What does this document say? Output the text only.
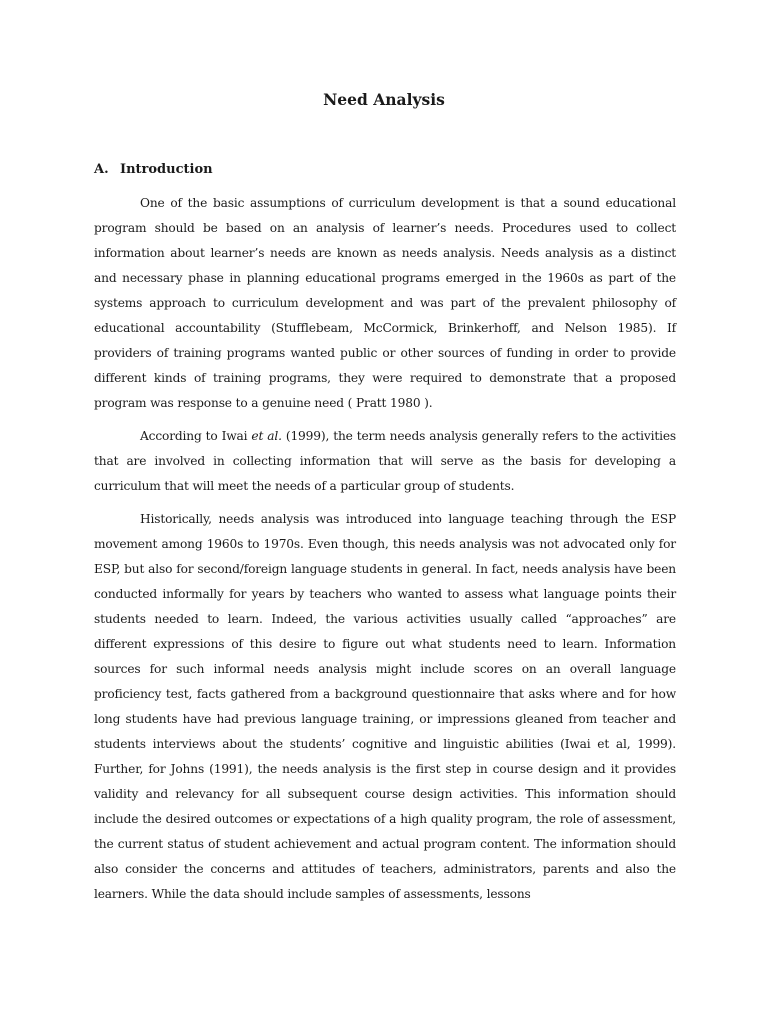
Need Analysis
A. Introduction

One of the basic assumptions of curriculum development is that a sound educational program should be based on an analysis of learner’s needs. Procedures used to collect information about learner’s needs are known as needs analysis. Needs analysis as a distinct and necessary phase in planning educational programs emerged in the 1960s as part of the systems approach to curriculum development and was part of the prevalent philosophy of educational accountability (Stufflebeam, McCormick, Brinkerhoff, and Nelson 1985). If providers of training programs wanted public or other sources of funding in order to provide different kinds of training programs, they were required to demonstrate that a proposed program was response to a genuine need ( Pratt 1980 ).

According to Iwai et al. (1999), the term needs analysis generally refers to the activities that are involved in collecting information that will serve as the basis for developing a curriculum that will meet the needs of a particular group of students.

Historically, needs analysis was introduced into language teaching through the ESP movement among 1960s to 1970s. Even though, this needs analysis was not advocated only for ESP, but also for second/foreign language students in general. In fact, needs analysis have been conducted informally for years by teachers who wanted to assess what language points their students needed to learn. Indeed, the various activities usually called “approaches” are different expressions of this desire to figure out what students need to learn. Information sources for such informal needs analysis might include scores on an overall language proficiency test, facts gathered from a background questionnaire that asks where and for how long students have had previous language training, or impressions gleaned from teacher and students interviews about the students’ cognitive and linguistic abilities (Iwai et al, 1999). Further, for Johns (1991), the needs analysis is the first step in course design and it provides validity and relevancy for all subsequent course design activities. This information should include the desired outcomes or expectations of a high quality program, the role of assessment, the current status of student achievement and actual program content. The information should also consider the concerns and attitudes of teachers, administrators, parents and also the learners. While the data should include samples of assessments, lessons
